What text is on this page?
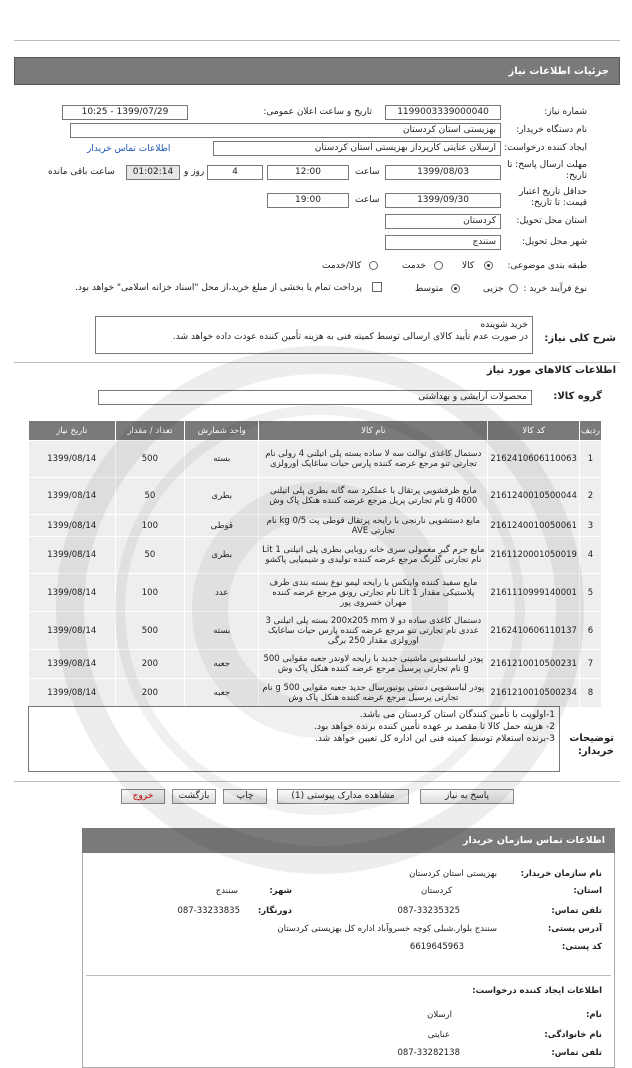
جزئیات اطلاعات نیاز
شماره نیاز:
1199003339000040
تاریخ و ساعت اعلان عمومی:
1399/07/29 - 10:25
نام دستگاه خریدار:
بهزیستی استان کردستان
ایجاد کننده درخواست:
ارسلان عنایتی کارپرداز بهزیستی استان کردستان
اطلاعات تماس خریدار
مهلت ارسال پاسخ: تا تاریخ:
1399/08/03
ساعت
12:00
4
روز و
01:02:14
ساعت باقی مانده
حداقل تاریخ اعتبار قیمت: تا تاریخ:
1399/09/30
ساعت
19:00
استان محل تحویل:
کردستان
شهر محل تحویل:
سنندج
طبقه بندی موضوعی:
کالا
خدمت
کالا/خدمت
نوع فرآیند خرید :
جزیی
متوسط
پرداخت تمام یا بخشی از مبلغ خرید،از محل "اسناد خزانه اسلامی" خواهد بود.
شرح کلی نیاز:
خرید شوینده
در صورت عدم تأیید کالای ارسالی توسط کمیته فنی به هزینه تأمین کننده عودت داده خواهد شد.
اطلاعات کالاهای مورد نیاز
گروه کالا:
محصولات آرایشی و بهداشتی
ردیف	کد کالا	نام کالا	واحد شمارش	تعداد / مقدار	تاریخ نیاز
1	2162410606110063	دستمال کاغذی توالت سه لا ساده بسته پلی اتیلنی 4 رولی نام تجارتی تنو مرجع عرضه کننده پارس حیات ساغایک اورولزی	بسته	500	1399/08/14
2	2161240010500044	مایع ظرفشویی پرتقال با عملکرد سه گانه بطری پلی اتیلنی 4000 g نام تجارتی پریل مرجع عرضه کننده هنکل پاک وش	بطری	50	1399/08/14
3	2161240010050061	مایع دستشویی نارنجی با رایحه پرتقال قوطی پت 0/5 kg نام تجارتی AVE	قوطی	100	1399/08/14
4	2161120001050019	مایع جرم گیر معمولی سری خانه روبایی بطری پلی اتیلنی 1 Lit نام تجارتی گلرنگ مرجع عرضه کننده تولیدی و شیمیایی پاکشو	بطری	50	1399/08/14
5	2161110999140001	مایع سفید کننده وایتکس با رایحه لیمو نوع بسته بندی ظرف پلاستیکی مقدار 1 Lit نام تجارتی رونق مرجع عرضه کننده مهران خسروی پور	عدد	100	1399/08/14
6	2162410606110137	دستمال کاغذی ساده دو لا 200x205 mm بسته پلی اتیلنی 3 عددی نام تجارتی تنو مرجع عرضه کننده پارس حیات ساغایک اورولزی مقدار 250 برگی	بسته	500	1399/08/14
7	2161210010500231	پودر لباسشویی ماشینی جدید با رایحه لاوندر جعبه مقوایی 500 g نام تجارتی پرسیل مرجع عرضه کننده هنکل پاک وش	جعبه	200	1399/08/14
8	2161210010500234	پودر لباسشویی دستی یونیورسال جدید جعبه مقوایی 500 g نام تجارتی پرسیل مرجع عرضه کننده هنکل پاک وش	جعبه	200	1399/08/14
توضیحات خریدار:
1-اولویت با تأمین کنندگان استان کردستان می باشد.
2- هزینه حمل کالا تا مقصد بر عهده تأمین کننده برنده خواهد بود.
3-برنده استعلام توسط کمیته فنی این اداره کل تعیین خواهد شد.
پاسخ به نیاز
مشاهده مدارک پیوستی (1)
چاپ
بازگشت
خروج
اطلاعات تماس سازمان خریدار
نام سازمان خریدار:
بهزیستی استان کردستان
استان:
کردستان
شهر:
سنندج
تلفن تماس:
087-33235325
دورنگار:
087-33233835
آدرس پستی:
سنندج بلوار.شبلی کوچه خسروآباد اداره کل بهزیستی کردستان
کد پستی:
6619645963
اطلاعات ایجاد کننده درخواست:
نام:
ارسلان
نام خانوادگی:
عنایتی
تلفن تماس:
087-33282138
